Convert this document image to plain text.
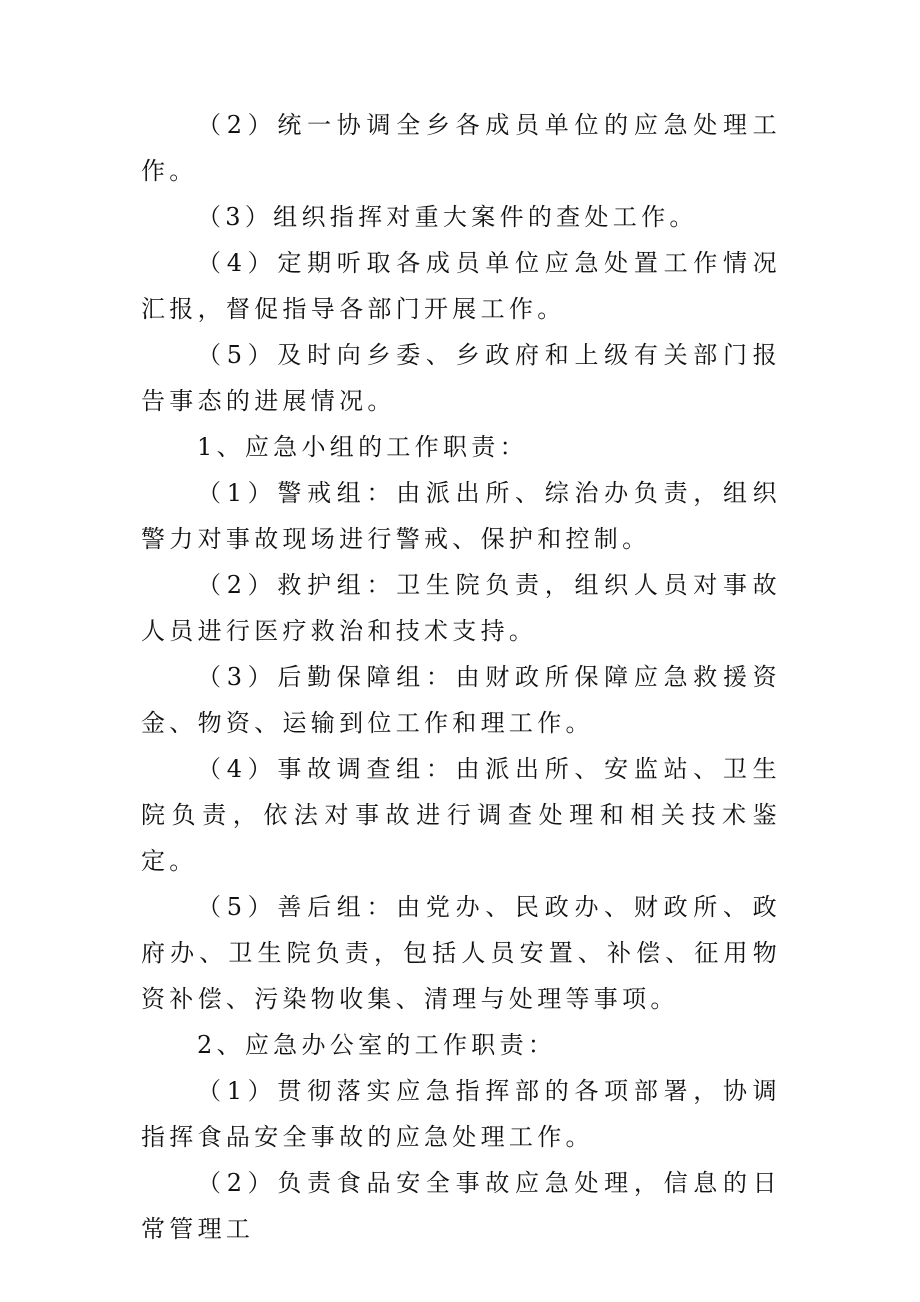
（2）统一协调全乡各成员单位的应急处理工作。

（3）组织指挥对重大案件的查处工作。

（4）定期听取各成员单位应急处置工作情况汇报，督促指导各部门开展工作。

（5）及时向乡委、乡政府和上级有关部门报告事态的进展情况。

1、应急小组的工作职责：

（1）警戒组：由派出所、综治办负责，组织警力对事故现场进行警戒、保护和控制。

（2）救护组：卫生院负责，组织人员对事故人员进行医疗救治和技术支持。

（3）后勤保障组：由财政所保障应急救援资金、物资、运输到位工作和理工作。

（4）事故调查组：由派出所、安监站、卫生院负责，依法对事故进行调查处理和相关技术鉴定。

（5）善后组：由党办、民政办、财政所、政府办、卫生院负责，包括人员安置、补偿、征用物资补偿、污染物收集、清理与处理等事项。

2、应急办公室的工作职责：

（1）贯彻落实应急指挥部的各项部署，协调指挥食品安全事故的应急处理工作。

（2）负责食品安全事故应急处理，信息的日常管理工
